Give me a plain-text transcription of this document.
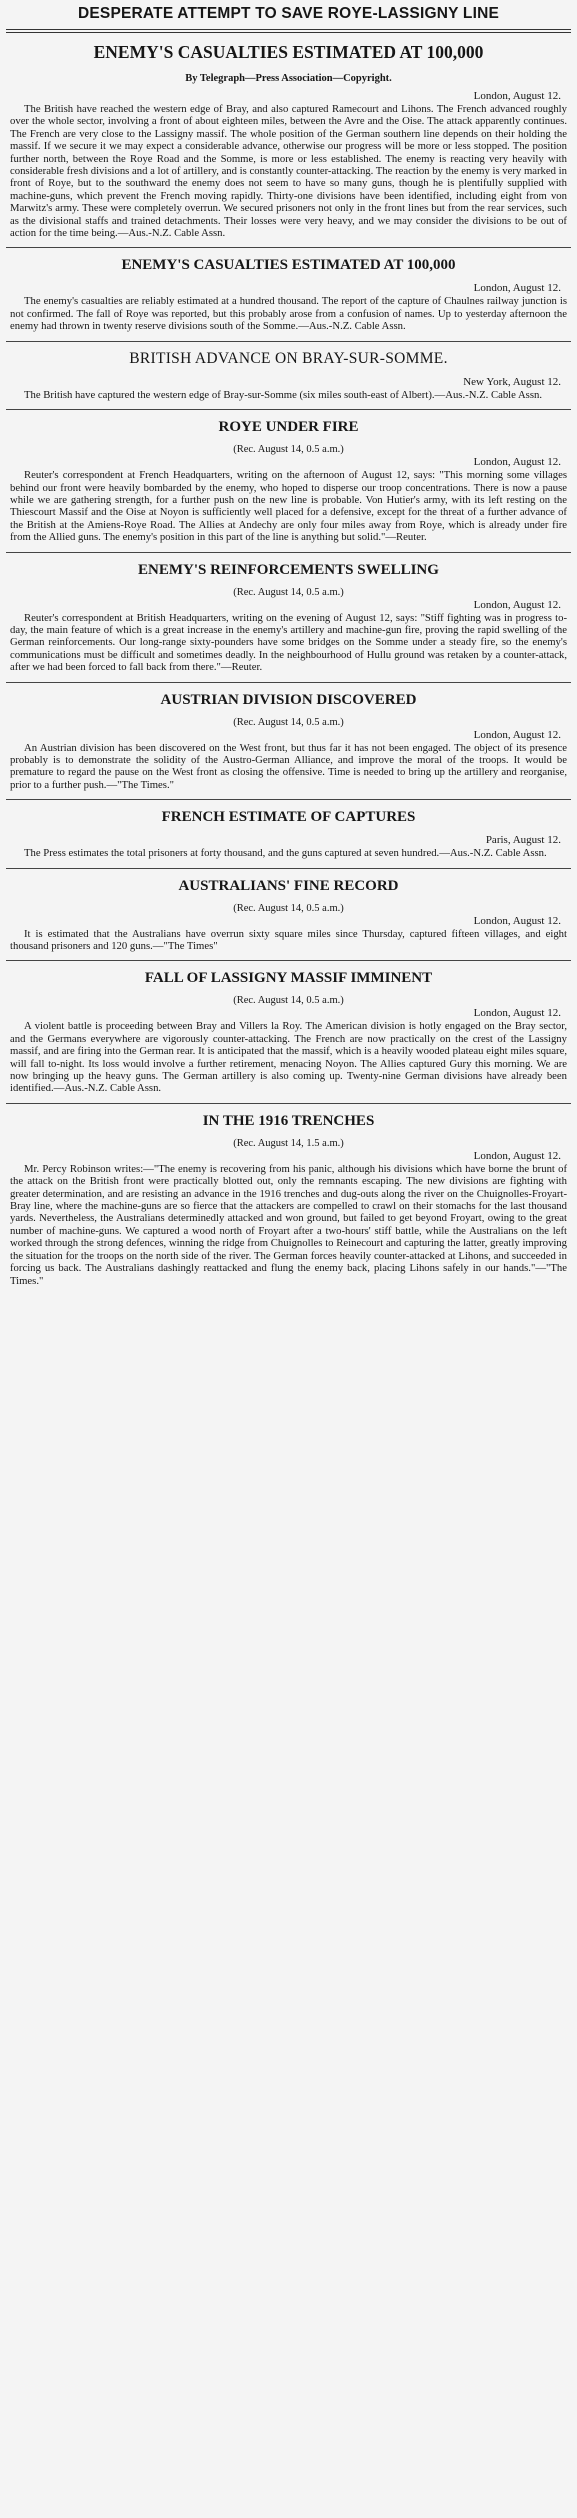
DESPERATE ATTEMPT TO SAVE ROYE-LASSIGNY LINE
ENEMY'S CASUALTIES ESTIMATED AT 100,000
By Telegraph—Press Association—Copyright.
London, August 12.

The British have reached the western edge of Bray, and also captured Ramecourt and Lihons. The French advanced roughly over the whole sector, involving a front of about eighteen miles, between the Avre and the Oise. The attack apparently continues. The French are very close to the Lassigny massif. The whole position of the German southern line depends on their holding the massif. If we secure it we may expect a considerable advance, otherwise our progress will be more or less stopped. The position further north, between the Roye Road and the Somme, is more or less established. The enemy is reacting very heavily with considerable fresh divisions and a lot of artillery, and is constantly counter-attacking. The reaction by the enemy is very marked in front of Roye, but to the southward the enemy does not seem to have so many guns, though he is plentifully supplied with machine-guns, which prevent the French moving rapidly. Thirty-one divisions have been identified, including eight from von Marwitz's army. These were completely overrun. We secured prisoners not only in the front lines but from the rear services, such as the divisional staffs and trained detachments. Their losses were very heavy, and we may consider the divisions to be out of action for the time being.—Aus.-N.Z. Cable Assn.

ENEMY'S CASUALTIES ESTIMATED AT 100,000
London, August 12.

The enemy's casualties are reliably estimated at a hundred thousand. The report of the capture of Chaulnes railway junction is not confirmed. The fall of Roye was reported, but this probably arose from a confusion of names. Up to yesterday afternoon the enemy had thrown in twenty reserve divisions south of the Somme.—Aus.-N.Z. Cable Assn.

BRITISH ADVANCE ON BRAY-SUR-SOMME.
New York, August 12.

The British have captured the western edge of Bray-sur-Somme (six miles south-east of Albert).—Aus.-N.Z. Cable Assn.

ROYE UNDER FIRE
(Rec. August 14, 0.5 a.m.)
London, August 12.

Reuter's correspondent at French Headquarters, writing on the afternoon of August 12, says: "This morning some villages behind our front were heavily bombarded by the enemy, who hoped to disperse our troop concentrations. There is now a pause while we are gathering strength, for a further push on the new line is probable. Von Hutier's army, with its left resting on the Thiescourt Massif and the Oise at Noyon is sufficiently well placed for a defensive, except for the threat of a further advance of the British at the Amiens-Roye Road. The Allies at Andechy are only four miles away from Roye, which is already under fire from the Allied guns. The enemy's position in this part of the line is anything but solid."—Reuter.

ENEMY'S REINFORCEMENTS SWELLING
(Rec. August 14, 0.5 a.m.)
London, August 12.

Reuter's correspondent at British Headquarters, writing on the evening of August 12, says: "Stiff fighting was in progress to-day, the main feature of which is a great increase in the enemy's artillery and machine-gun fire, proving the rapid swelling of the German reinforcements. Our long-range sixty-pounders have some bridges on the Somme under a steady fire, so the enemy's communications must be difficult and sometimes deadly. In the neighbourhood of Hullu ground was retaken by a counter-attack, after we had been forced to fall back from there."—Reuter.

AUSTRIAN DIVISION DISCOVERED
(Rec. August 14, 0.5 a.m.)
London, August 12.

An Austrian division has been discovered on the West front, but thus far it has not been engaged. The object of its presence probably is to demonstrate the solidity of the Austro-German Alliance, and improve the moral of the troops. It would be premature to regard the pause on the West front as closing the offensive. Time is needed to bring up the artillery and reorganise, prior to a further push.—"The Times."

FRENCH ESTIMATE OF CAPTURES
Paris, August 12.

The Press estimates the total prisoners at forty thousand, and the guns captured at seven hundred.—Aus.-N.Z. Cable Assn.

AUSTRALIANS' FINE RECORD
(Rec. August 14, 0.5 a.m.)
London, August 12.

It is estimated that the Australians have overrun sixty square miles since Thursday, captured fifteen villages, and eight thousand prisoners and 120 guns.—"The Times"

FALL OF LASSIGNY MASSIF IMMINENT
(Rec. August 14, 0.5 a.m.)
London, August 12.

A violent battle is proceeding between Bray and Villers la Roy. The American division is hotly engaged on the Bray sector, and the Germans everywhere are vigorously counter-attacking. The French are now practically on the crest of the Lassigny massif, and are firing into the German rear. It is anticipated that the massif, which is a heavily wooded plateau eight miles square, will fall to-night. Its loss would involve a further retirement, menacing Noyon. The Allies captured Gury this morning. We are now bringing up the heavy guns. The German artillery is also coming up. Twenty-nine German divisions have already been identified.—Aus.-N.Z. Cable Assn.

IN THE 1916 TRENCHES
(Rec. August 14, 1.5 a.m.)
London, August 12.

Mr. Percy Robinson writes:—"The enemy is recovering from his panic, although his divisions which have borne the brunt of the attack on the British front were practically blotted out, only the remnants escaping. The new divisions are fighting with greater determination, and are resisting an advance in the 1916 trenches and dug-outs along the river on the Chuignolles-Froyart-Bray line, where the machine-guns are so fierce that the attackers are compelled to crawl on their stomachs for the last thousand yards. Nevertheless, the Australians determinedly attacked and won ground, but failed to get beyond Froyart, owing to the great number of machine-guns. We captured a wood north of Froyart after a two-hours' stiff battle, while the Australians on the left worked through the strong defences, winning the ridge from Chuignolles to Reinecourt and capturing the latter, greatly improving the situation for the troops on the north side of the river. The German forces heavily counter-attacked at Lihons, and succeeded in forcing us back. The Australians dashingly reattacked and flung the enemy back, placing Lihons safely in our hands."—"The Times."
